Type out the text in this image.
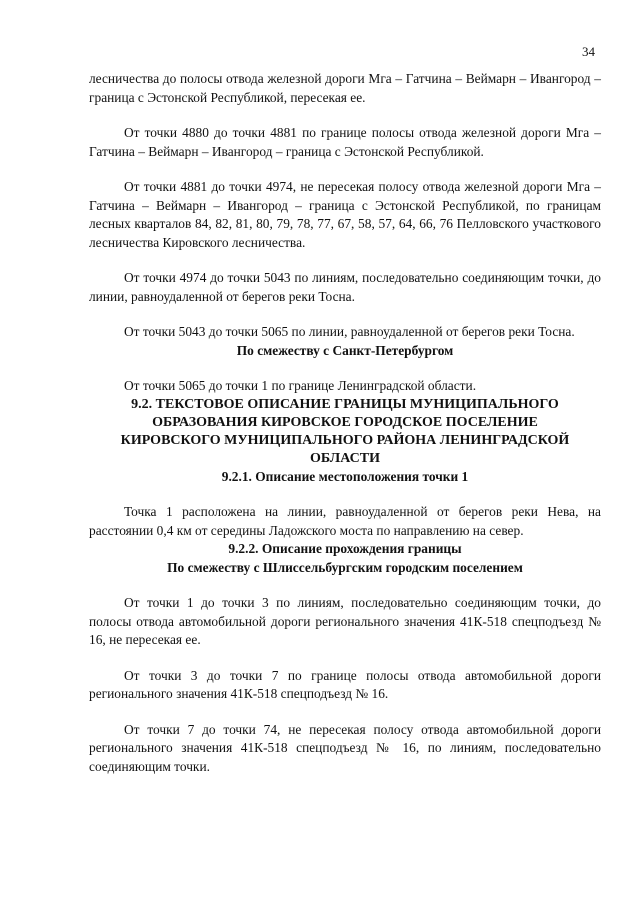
34

лесничества до полосы отвода железной дороги Мга – Гатчина – Веймарн – Ивангород – граница с Эстонской Республикой, пересекая ее.

От точки 4880 до точки 4881 по границе полосы отвода железной дороги Мга – Гатчина – Веймарн – Ивангород – граница с Эстонской Республикой.

От точки 4881 до точки 4974, не пересекая полосу отвода железной дороги Мга – Гатчина – Веймарн – Ивангород – граница с Эстонской Республикой, по границам лесных кварталов 84, 82, 81, 80, 79, 78, 77, 67, 58, 57, 64, 66, 76 Пелловского участкового лесничества Кировского лесничества.

От точки 4974 до точки 5043 по линиям, последовательно соединяющим точки, до линии, равноудаленной от берегов реки Тосна.

От точки 5043 до точки 5065 по линии, равноудаленной от берегов реки Тосна.

По смежеству с Санкт-Петербургом

От точки 5065 до точки 1 по границе Ленинградской области.

9.2. ТЕКСТОВОЕ ОПИСАНИЕ ГРАНИЦЫ МУНИЦИПАЛЬНОГО ОБРАЗОВАНИЯ КИРОВСКОЕ ГОРОДСКОЕ ПОСЕЛЕНИЕ КИРОВСКОГО МУНИЦИПАЛЬНОГО РАЙОНА ЛЕНИНГРАДСКОЙ ОБЛАСТИ

9.2.1. Описание местоположения точки 1

Точка 1 расположена на линии, равноудаленной от берегов реки Нева, на расстоянии 0,4 км от середины Ладожского моста по направлению на север.

9.2.2. Описание прохождения границы

По смежеству с Шлиссельбургским городским поселением

От точки 1 до точки 3 по линиям, последовательно соединяющим точки, до полосы отвода автомобильной дороги регионального значения 41К-518 спецподъезд № 16, не пересекая ее.

От точки 3 до точки 7 по границе полосы отвода автомобильной дороги регионального значения 41К-518 спецподъезд № 16.

От точки 7 до точки 74, не пересекая полосу отвода автомобильной дороги регионального значения 41К-518 спецподъезд № 16, по линиям, последовательно соединяющим точки.
